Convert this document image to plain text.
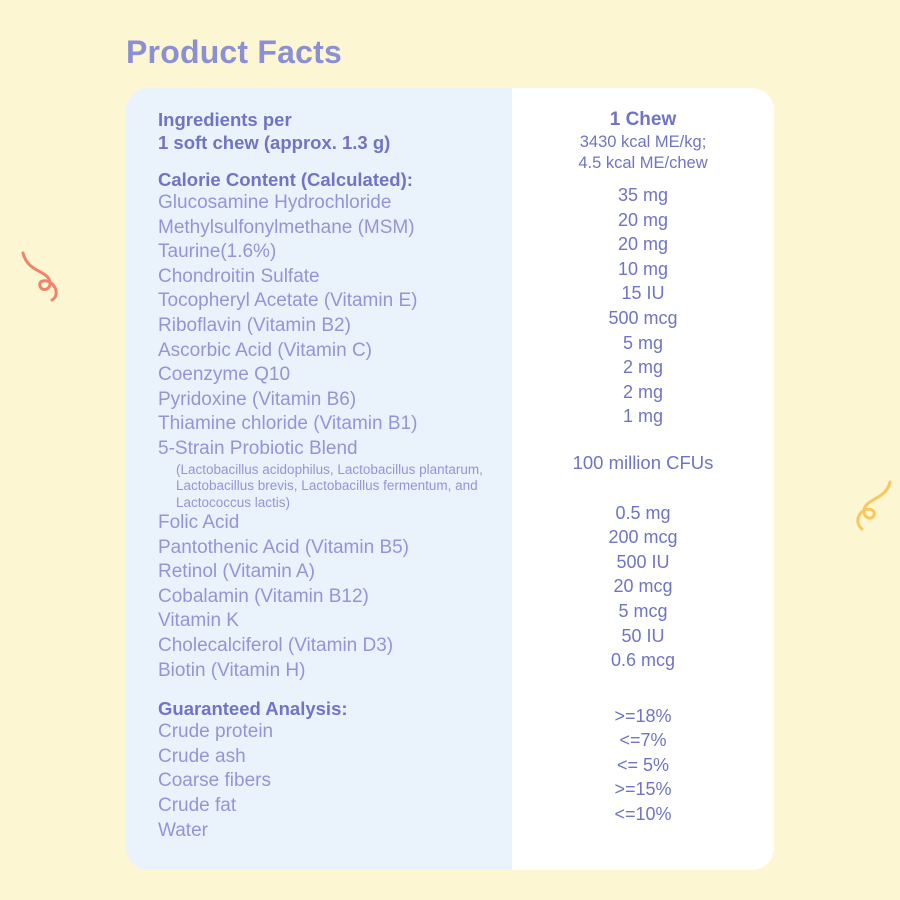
Product Facts
Ingredients per
1 soft chew (approx. 1.3 g)
Calorie Content (Calculated):
Glucosamine Hydrochloride
Methylsulfonylmethane (MSM)
Taurine(1.6%)
Chondroitin Sulfate
Tocopheryl Acetate (Vitamin E)
Riboflavin (Vitamin B2)
Ascorbic Acid (Vitamin C)
Coenzyme Q10
Pyridoxine (Vitamin B6)
Thiamine chloride (Vitamin B1)
5-Strain Probiotic Blend
(Lactobacillus acidophilus, Lactobacillus plantarum, Lactobacillus brevis, Lactobacillus fermentum, and Lactococcus lactis)
Folic Acid
Pantothenic Acid (Vitamin B5)
Retinol (Vitamin A)
Cobalamin (Vitamin B12)
Vitamin K
Cholecalciferol (Vitamin D3)
Biotin (Vitamin H)
Guaranteed Analysis:
Crude protein
Crude ash
Coarse fibers
Crude fat
Water
1 Chew
3430 kcal ME/kg;
4.5 kcal ME/chew
35 mg
20 mg
20 mg
10 mg
15 IU
500 mcg
5 mg
2 mg
2 mg
1 mg
100 million CFUs
0.5 mg
200 mcg
500 IU
20 mcg
5 mcg
50 IU
0.6 mcg
>=18%
<=7%
<= 5%
>=15%
<=10%
